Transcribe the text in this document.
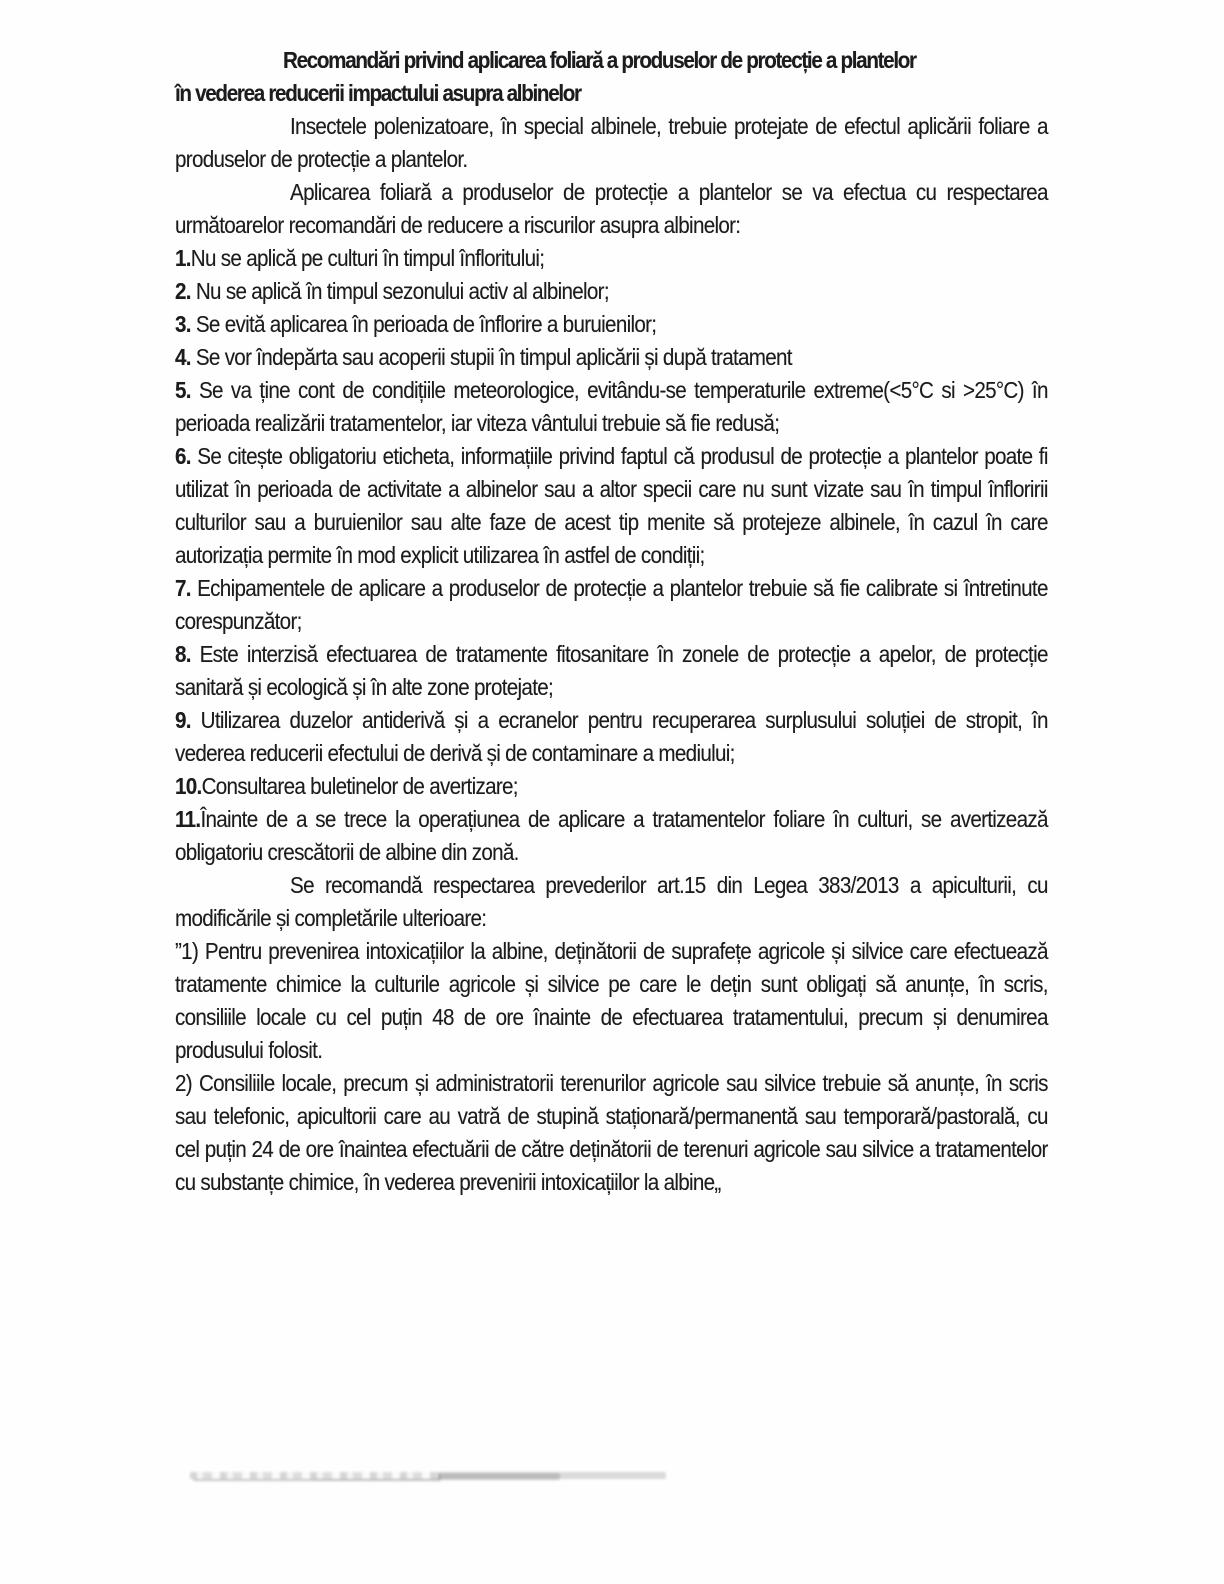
Recomandări privind aplicarea foliară a produselor de protecție a plantelor
în vederea reducerii impactului asupra albinelor

Insectele polenizatoare, în special albinele, trebuie protejate de efectul aplicării foliare a produselor de protecție a plantelor.

Aplicarea foliară a produselor de protecție a plantelor se va efectua cu respectarea următoarelor recomandări de reducere a riscurilor asupra albinelor:

1.Nu se aplică pe culturi în timpul înfloritului;

2. Nu se aplică în timpul sezonului activ al albinelor;

3. Se evită aplicarea în perioada de înflorire a buruienilor;

4. Se vor îndepărta sau acoperii stupii în timpul aplicării și după tratament

5. Se va ține cont de condițiile meteorologice, evitându-se temperaturile extreme(<5°C si >25°C) în perioada realizării tratamentelor, iar viteza vântului trebuie să fie redusă;

6. Se citește obligatoriu eticheta, informațiile privind faptul că produsul de protecție a plantelor poate fi utilizat în perioada de activitate a albinelor sau a altor specii care nu sunt vizate sau în timpul înfloririi culturilor sau a buruienilor sau alte faze de acest tip menite să protejeze albinele, în cazul în care autorizația permite în mod explicit utilizarea în astfel de condiții;

7. Echipamentele de aplicare a produselor de protecție a plantelor trebuie să fie calibrate si întretinute corespunzător;

8. Este interzisă efectuarea de tratamente fitosanitare în zonele de protecție a apelor, de protecție sanitară și ecologică și în alte zone protejate;

9. Utilizarea duzelor antiderivă și a ecranelor pentru recuperarea surplusului soluției de stropit, în vederea reducerii efectului de derivă și de contaminare a mediului;

10.Consultarea buletinelor de avertizare;

11.Înainte de a se trece la operațiunea de aplicare a tratamentelor foliare în culturi, se avertizează obligatoriu crescătorii de albine din zonă.

Se recomandă respectarea prevederilor art.15 din Legea 383/2013 a apiculturii, cu modificările și completările ulterioare:

”1) Pentru prevenirea intoxicațiilor la albine, deținătorii de suprafețe agricole și silvice care efectuează tratamente chimice la culturile agricole și silvice pe care le dețin sunt obligați să anunțe, în scris, consiliile locale cu cel puțin 48 de ore înainte de efectuarea tratamentului, precum și denumirea produsului folosit.

2) Consiliile locale, precum și administratorii terenurilor agricole sau silvice trebuie să anunțe, în scris sau telefonic, apicultorii care au vatră de stupină staționară/permanentă sau temporară/pastorală, cu cel puțin 24 de ore înaintea efectuării de către deținătorii de terenuri agricole sau silvice a tratamentelor cu substanțe chimice, în vederea prevenirii intoxicațiilor la albine„
